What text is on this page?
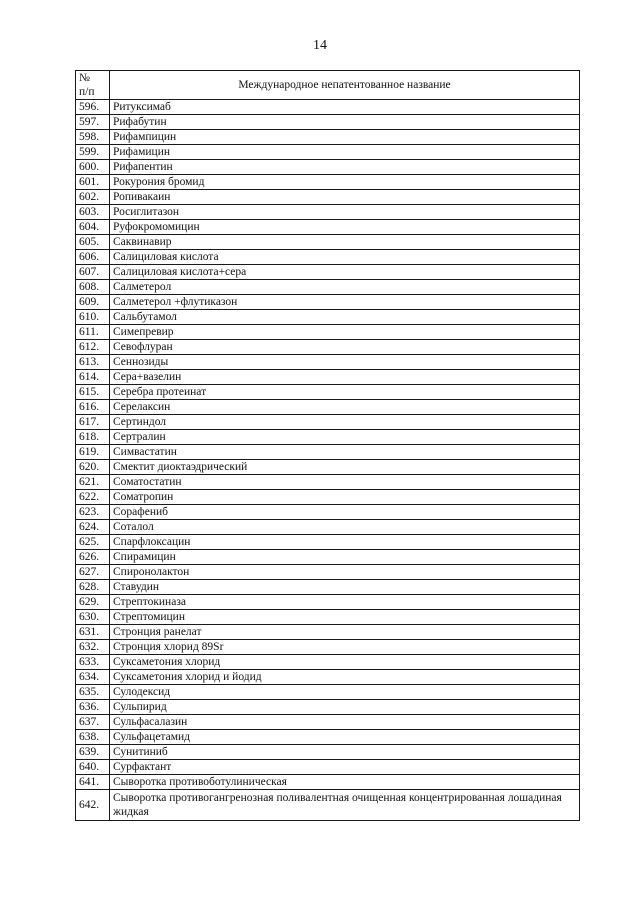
14
№
п/п	Международное непатентованное название
596.	Ритуксимаб
597.	Рифабутин
598.	Рифампицин
599.	Рифамицин
600.	Рифапентин
601.	Рокурония бромид
602.	Ропивакаин
603.	Росиглитазон
604.	Руфокромомицин
605.	Саквинавир
606.	Салициловая кислота
607.	Салициловая кислота+сера
608.	Салметерол
609.	Салметерол +флутиказон
610.	Сальбутамол
611.	Симепревир
612.	Севофлуран
613.	Сеннозиды
614.	Сера+вазелин
615.	Серебра протеинат
616.	Серелаксин
617.	Сертиндол
618.	Сертралин
619.	Симвастатин
620.	Смектит диоктаэдрический
621.	Соматостатин
622.	Соматропин
623.	Сорафениб
624.	Соталол
625.	Спарфлоксацин
626.	Спирамицин
627.	Спиронолактон
628.	Ставудин
629.	Стрептокиназа
630.	Стрептомицин
631.	Стронция ранелат
632.	Стронция хлорид 89Sr
633.	Суксаметония хлорид
634.	Суксаметония хлорид и йодид
635.	Сулодексид
636.	Сульпирид
637.	Сульфасалазин
638.	Сульфацетамид
639.	Сунитиниб
640.	Сурфактант
641.	Сыворотка противоботулиническая
642.	Сыворотка противогангренозная поливалентная очищенная концентрированная лошадиная жидкая
